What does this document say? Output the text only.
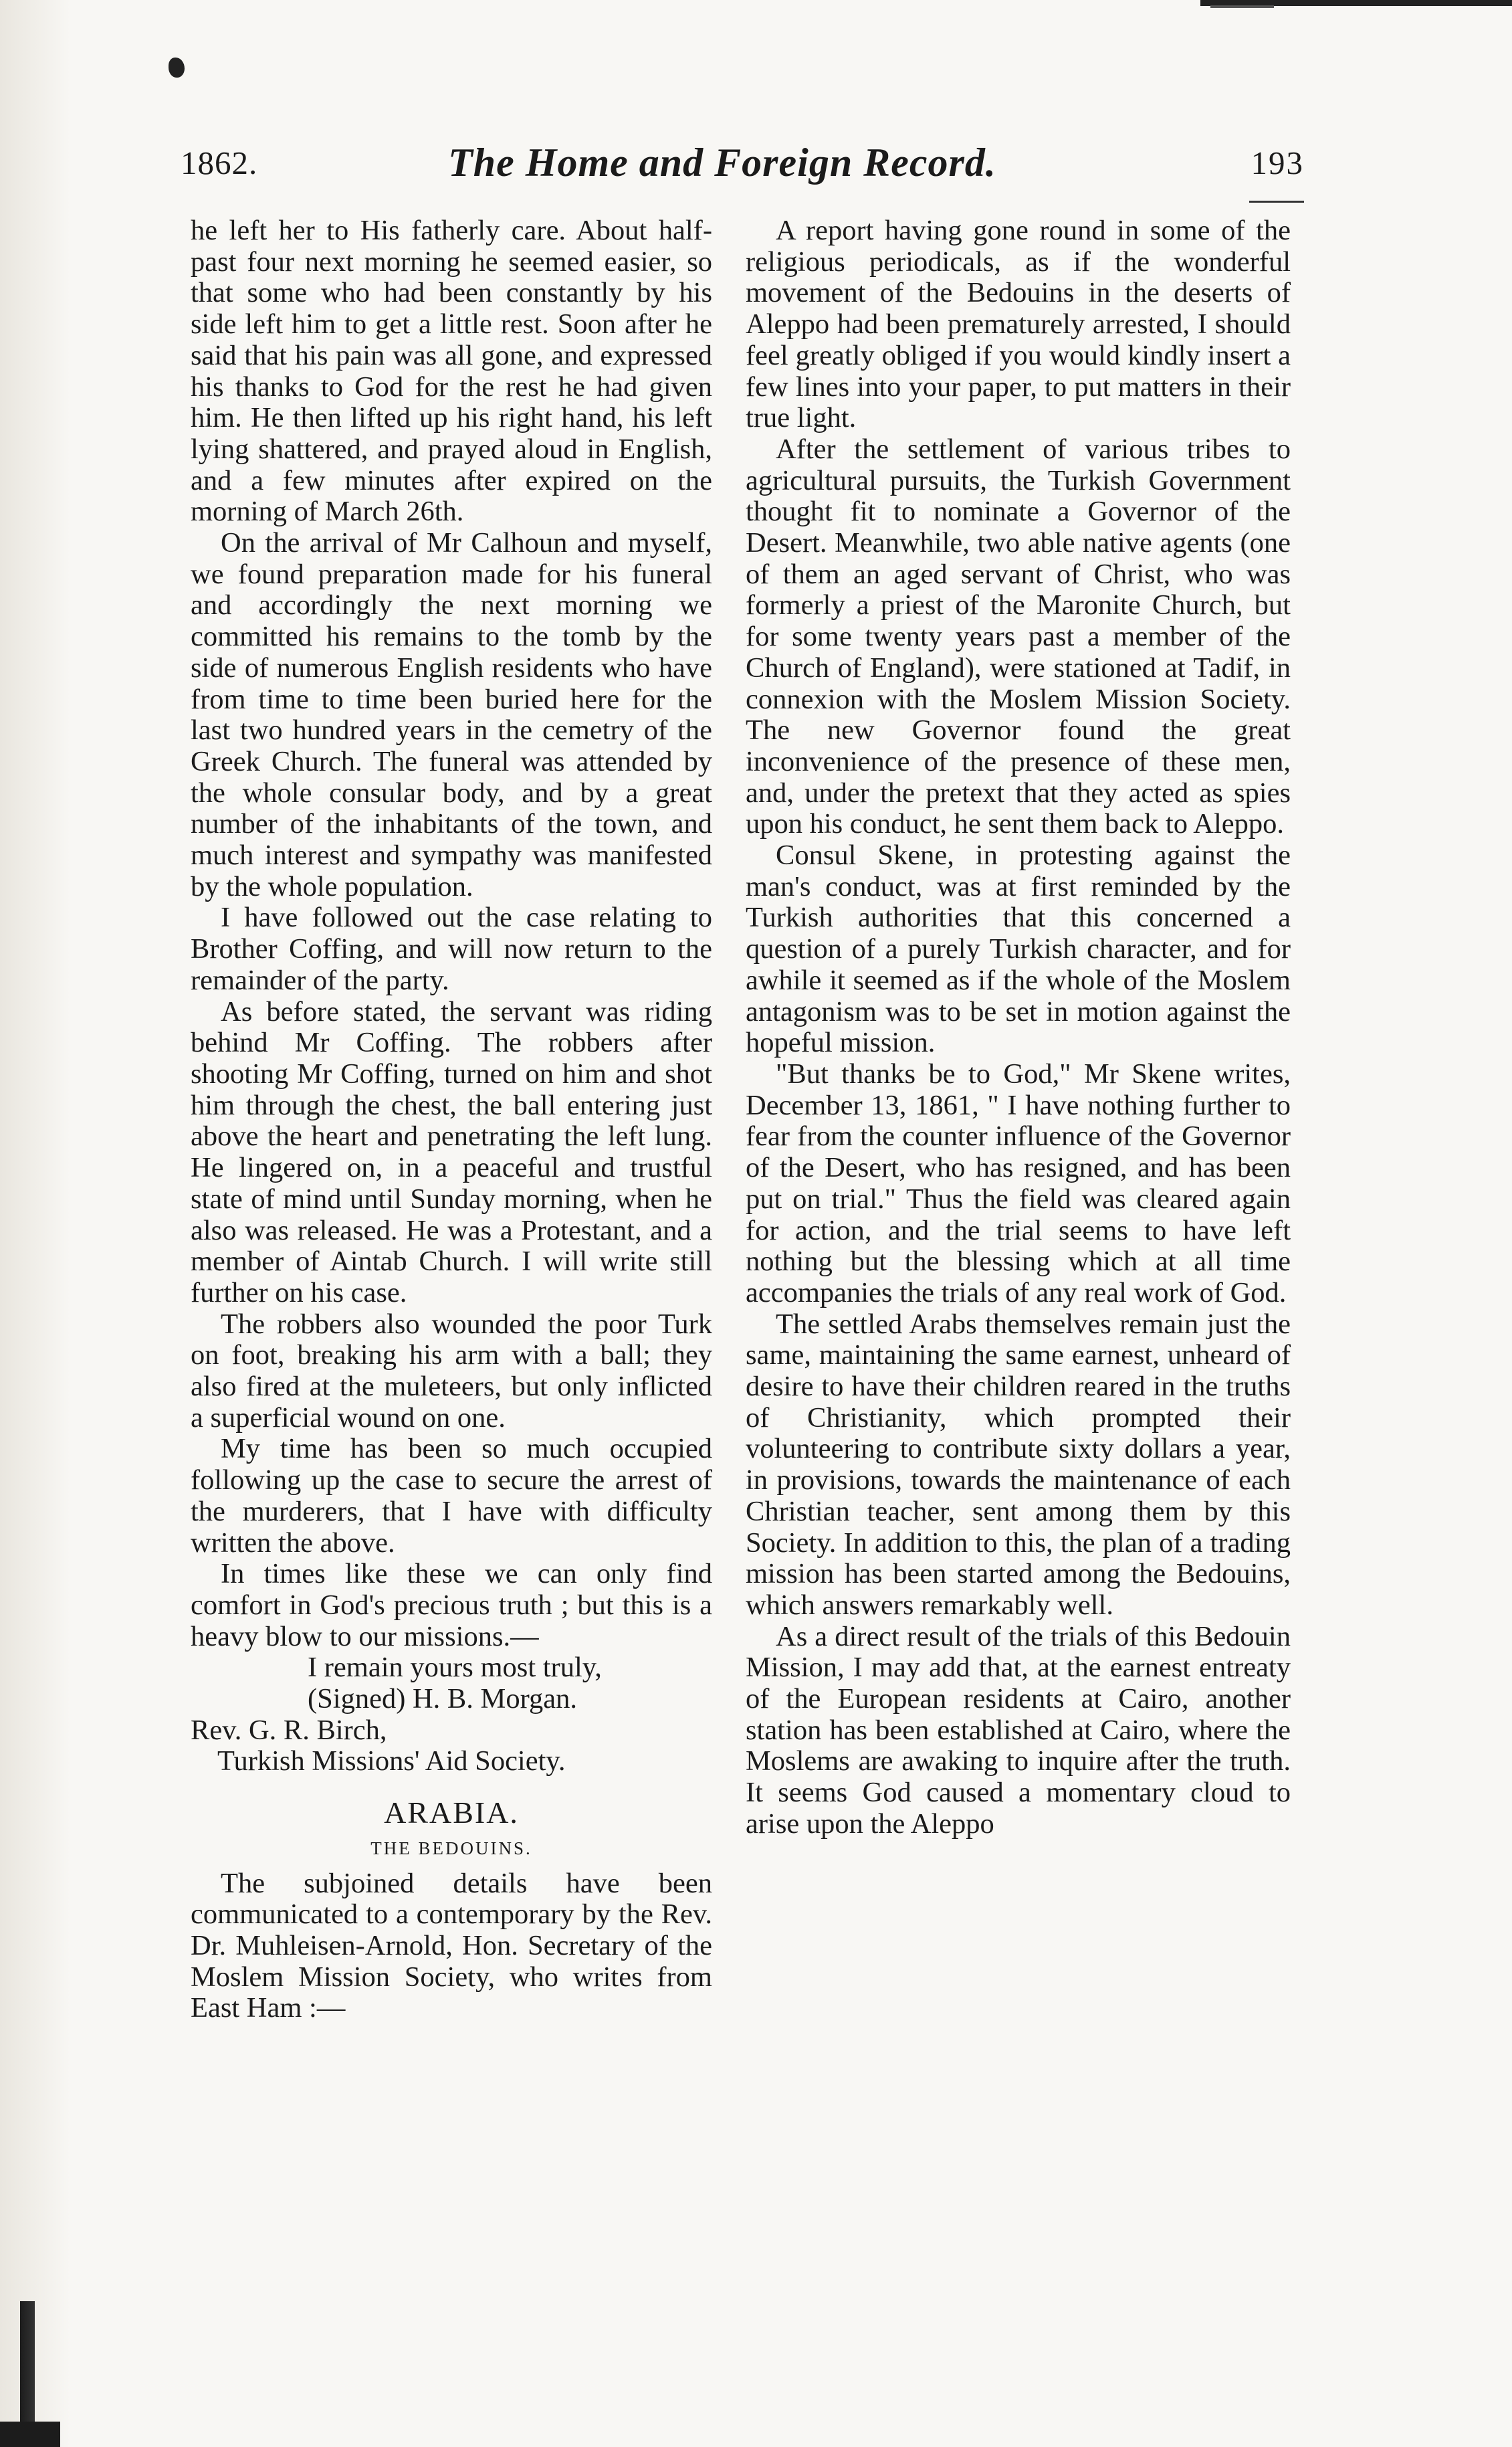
1862.	The Home and Foreign Record.	193

he left her to His fatherly care. About half-past four next morning he seemed easier, so that some who had been constantly by his side left him to get a little rest. Soon after he said that his pain was all gone, and expressed his thanks to God for the rest he had given him. He then lifted up his right hand, his left lying shattered, and prayed aloud in English, and a few minutes after expired on the morning of March 26th.

On the arrival of Mr Calhoun and myself, we found preparation made for his funeral and accordingly the next morning we committed his remains to the tomb by the side of numerous English residents who have from time to time been buried here for the last two hundred years in the cemetry of the Greek Church. The funeral was attended by the whole consular body, and by a great number of the inhabitants of the town, and much interest and sympathy was manifested by the whole population.

I have followed out the case relating to Brother Coffing, and will now return to the remainder of the party.

As before stated, the servant was riding behind Mr Coffing. The robbers after shooting Mr Coffing, turned on him and shot him through the chest, the ball entering just above the heart and penetrating the left lung. He lingered on, in a peaceful and trustful state of mind until Sunday morning, when he also was released. He was a Protestant, and a member of Aintab Church. I will write still further on his case.

The robbers also wounded the poor Turk on foot, breaking his arm with a ball; they also fired at the muleteers, but only inflicted a superficial wound on one.

My time has been so much occupied following up the case to secure the arrest of the murderers, that I have with difficulty written the above.

In times like these we can only find comfort in God's precious truth ; but this is a heavy blow to our missions.—

I remain yours most truly,
(Signed) H. B. Morgan.
Rev. G. R. Birch,
Turkish Missions' Aid Society.
ARABIA.
THE BEDOUINS.

The subjoined details have been communicated to a contemporary by the Rev. Dr. Muhleisen-Arnold, Hon. Secretary of the Moslem Mission Society, who writes from East Ham :—

A report having gone round in some of the religious periodicals, as if the wonderful movement of the Bedouins in the deserts of Aleppo had been prematurely arrested, I should feel greatly obliged if you would kindly insert a few lines into your paper, to put matters in their true light.

After the settlement of various tribes to agricultural pursuits, the Turkish Government thought fit to nominate a Governor of the Desert. Meanwhile, two able native agents (one of them an aged servant of Christ, who was formerly a priest of the Maronite Church, but for some twenty years past a member of the Church of England), were stationed at Tadif, in connexion with the Moslem Mission Society. The new Governor found the great inconvenience of the presence of these men, and, under the pretext that they acted as spies upon his conduct, he sent them back to Aleppo.

Consul Skene, in protesting against the man's conduct, was at first reminded by the Turkish authorities that this concerned a question of a purely Turkish character, and for awhile it seemed as if the whole of the Moslem antagonism was to be set in motion against the hopeful mission.

"But thanks be to God," Mr Skene writes, December 13, 1861, " I have nothing further to fear from the counter influence of the Governor of the Desert, who has resigned, and has been put on trial." Thus the field was cleared again for action, and the trial seems to have left nothing but the blessing which at all time accompanies the trials of any real work of God.

The settled Arabs themselves remain just the same, maintaining the same earnest, unheard of desire to have their children reared in the truths of Christianity, which prompted their volunteering to contribute sixty dollars a year, in provisions, towards the maintenance of each Christian teacher, sent among them by this Society. In addition to this, the plan of a trading mission has been started among the Bedouins, which answers remarkably well.

As a direct result of the trials of this Bedouin Mission, I may add that, at the earnest entreaty of the European residents at Cairo, another station has been established at Cairo, where the Moslems are awaking to inquire after the truth. It seems God caused a momentary cloud to arise upon the Aleppo
